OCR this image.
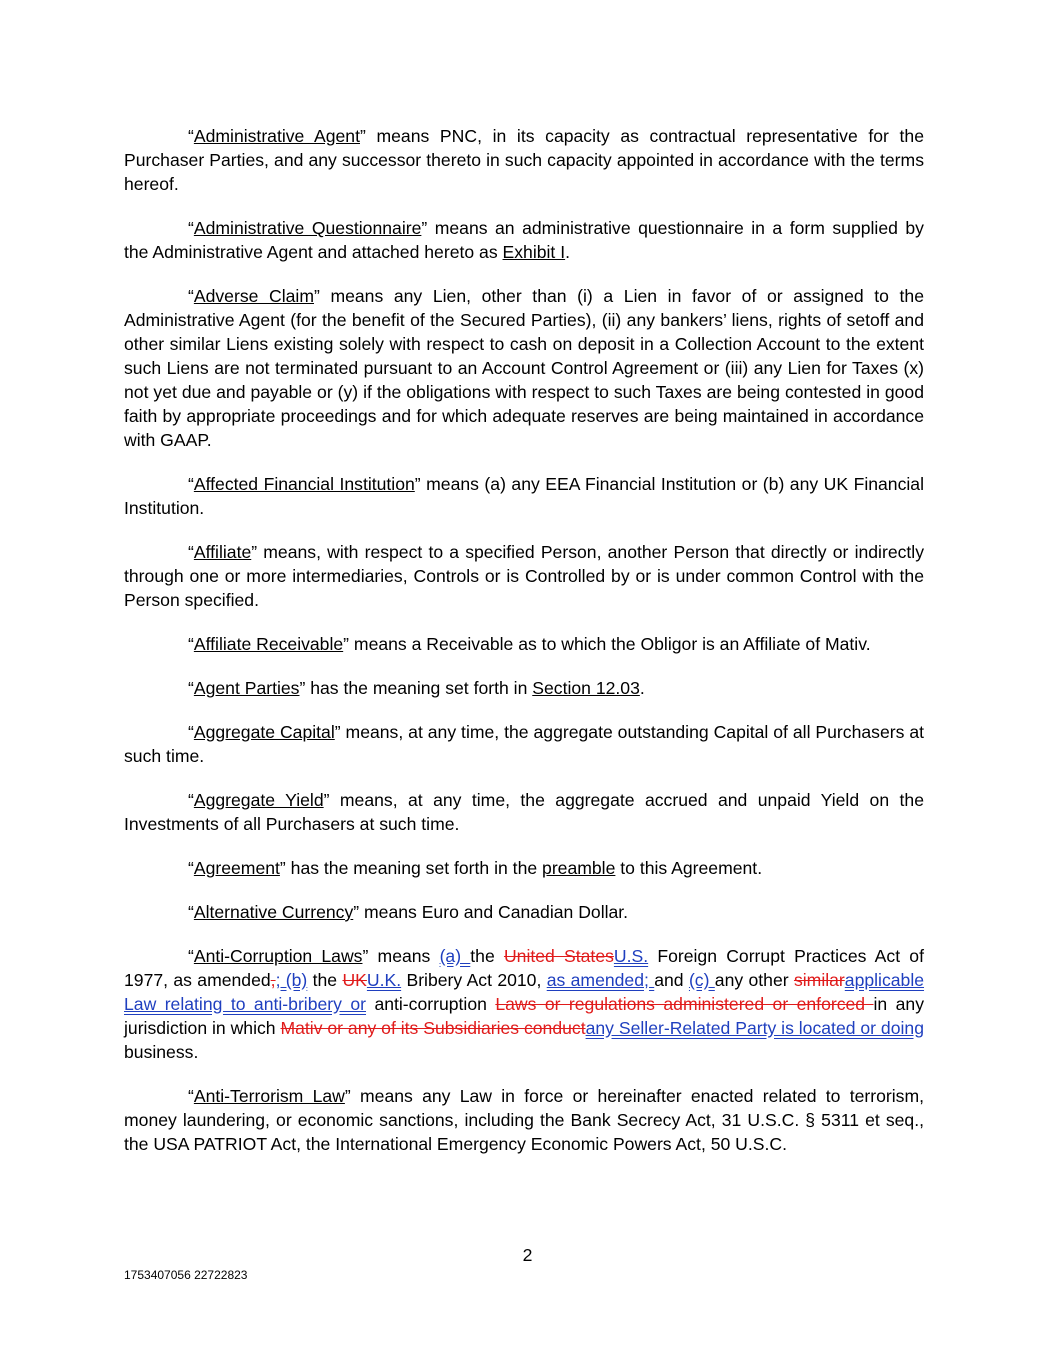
“Administrative Agent” means PNC, in its capacity as contractual representative for the Purchaser Parties, and any successor thereto in such capacity appointed in accordance with the terms hereof.

“Administrative Questionnaire” means an administrative questionnaire in a form supplied by the Administrative Agent and attached hereto as Exhibit I.

“Adverse Claim” means any Lien, other than (i) a Lien in favor of or assigned to the Administrative Agent (for the benefit of the Secured Parties), (ii) any bankers’ liens, rights of setoff and other similar Liens existing solely with respect to cash on deposit in a Collection Account to the extent such Liens are not terminated pursuant to an Account Control Agreement or (iii) any Lien for Taxes (x) not yet due and payable or (y) if the obligations with respect to such Taxes are being contested in good faith by appropriate proceedings and for which adequate reserves are being maintained in accordance with GAAP.

“Affected Financial Institution” means (a) any EEA Financial Institution or (b) any UK Financial Institution.

“Affiliate” means, with respect to a specified Person, another Person that directly or indirectly through one or more intermediaries, Controls or is Controlled by or is under common Control with the Person specified.

“Affiliate Receivable” means a Receivable as to which the Obligor is an Affiliate of Mativ.

“Agent Parties” has the meaning set forth in Section 12.03.

“Aggregate Capital” means, at any time, the aggregate outstanding Capital of all Purchasers at such time.

“Aggregate Yield” means, at any time, the aggregate accrued and unpaid Yield on the Investments of all Purchasers at such time.

“Agreement” has the meaning set forth in the preamble to this Agreement.

“Alternative Currency” means Euro and Canadian Dollar.

“Anti-Corruption Laws” means (a) the United StatesU.S. Foreign Corrupt Practices Act of 1977, as amended,; (b) the UKU.K. Bribery Act 2010, as amended; and (c) any other similarapplicable Law relating to anti-bribery or anti-corruption Laws or regulations administered or enforced in any jurisdiction in which Mativ or any of its Subsidiaries conductany Seller-Related Party is located or doing business.

“Anti-Terrorism Law” means any Law in force or hereinafter enacted related to terrorism, money laundering, or economic sanctions, including the Bank Secrecy Act, 31 U.S.C. § 5311 et seq., the USA PATRIOT Act, the International Emergency Economic Powers Act, 50 U.S.C.

2
1753407056 22722823
